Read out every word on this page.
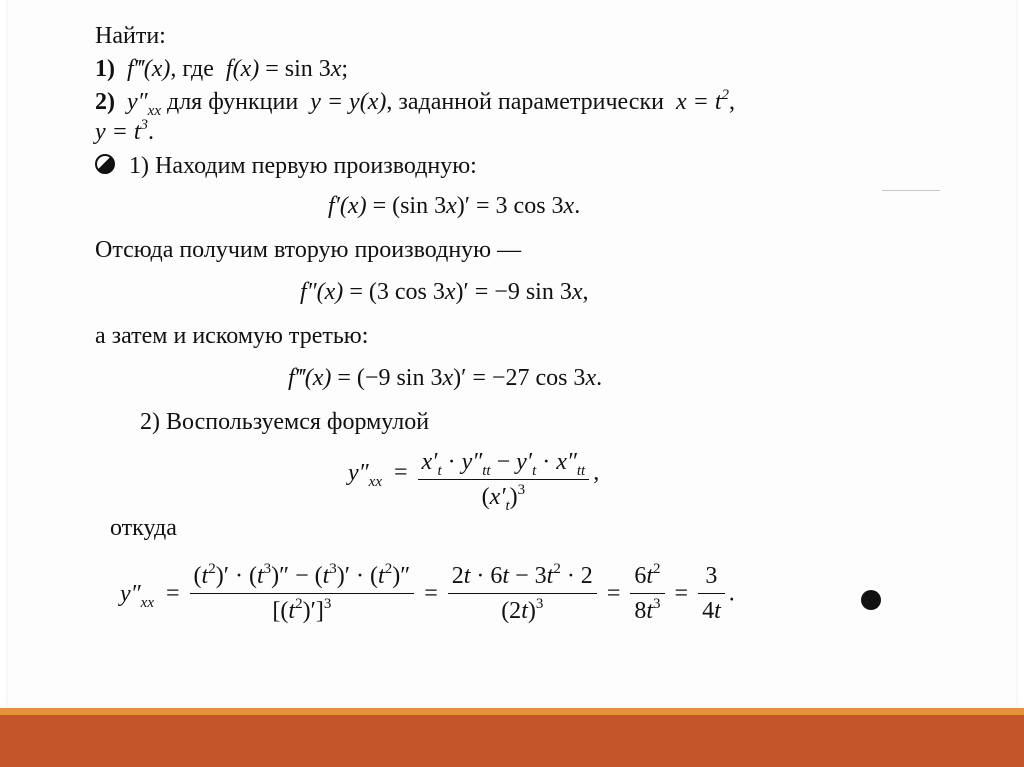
Найти:
1)  f‴(x), где  f(x) = sin 3x;
2)  $y''_{xx}$ для функции  y = y(x), заданной параметрически  $x = t^2$,
$y = t^3$.
1) Находим первую производную:
f′(x) = (sin 3x)′ = 3 cos 3x.
Отсюда получим вторую производную —
f″(x) = (3 cos 3x)′ = −9 sin 3x,
а затем и искомую третью:
f‴(x) = (−9 sin 3x)′ = −27 cos 3x.
2) Воспользуемся формулой
$y''_{xx} = \frac{x'_t \cdot y''_{tt} - y'_t \cdot x''_{tt}}{(x'_t)^3}$ ,
откуда
$y''_{xx} = \frac{(t^2)' \cdot (t^3)'' - (t^3)' \cdot (t^2)''}{[(t^2)']^3} = \frac{2t \cdot 6t - 3t^2 \cdot 2}{(2t)^3} = \frac{6t^2}{8t^3} = \frac{3}{4t}$ .
